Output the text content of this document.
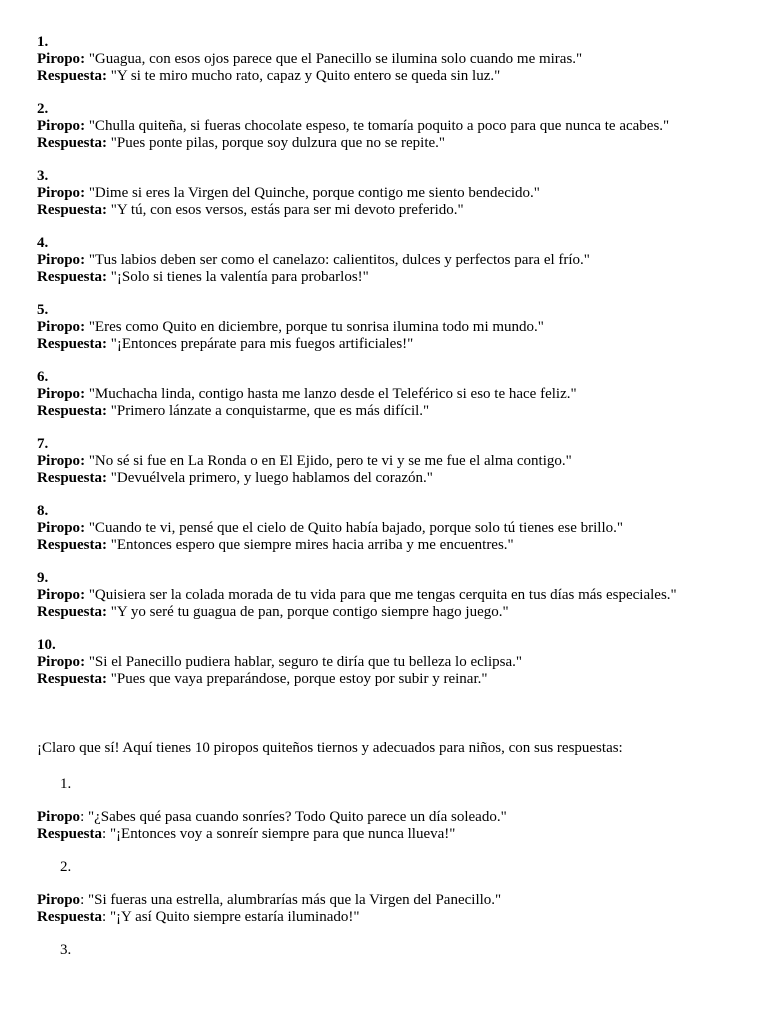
1.
Piropo: "Guagua, con esos ojos parece que el Panecillo se ilumina solo cuando me miras."
Respuesta: "Y si te miro mucho rato, capaz y Quito entero se queda sin luz."
2.
Piropo: "Chulla quiteña, si fueras chocolate espeso, te tomaría poquito a poco para que nunca te acabes."
Respuesta: "Pues ponte pilas, porque soy dulzura que no se repite."
3.
Piropo: "Dime si eres la Virgen del Quinche, porque contigo me siento bendecido."
Respuesta: "Y tú, con esos versos, estás para ser mi devoto preferido."
4.
Piropo: "Tus labios deben ser como el canelazo: calientitos, dulces y perfectos para el frío."
Respuesta: "¡Solo si tienes la valentía para probarlos!"
5.
Piropo: "Eres como Quito en diciembre, porque tu sonrisa ilumina todo mi mundo."
Respuesta: "¡Entonces prepárate para mis fuegos artificiales!"
6.
Piropo: "Muchacha linda, contigo hasta me lanzo desde el Teleférico si eso te hace feliz."
Respuesta: "Primero lánzate a conquistarme, que es más difícil."
7.
Piropo: "No sé si fue en La Ronda o en El Ejido, pero te vi y se me fue el alma contigo."
Respuesta: "Devuélvela primero, y luego hablamos del corazón."
8.
Piropo: "Cuando te vi, pensé que el cielo de Quito había bajado, porque solo tú tienes ese brillo."
Respuesta: "Entonces espero que siempre mires hacia arriba y me encuentres."
9.
Piropo: "Quisiera ser la colada morada de tu vida para que me tengas cerquita en tus días más especiales."
Respuesta: "Y yo seré tu guagua de pan, porque contigo siempre hago juego."
10.
Piropo: "Si el Panecillo pudiera hablar, seguro te diría que tu belleza lo eclipsa."
Respuesta: "Pues que vaya preparándose, porque estoy por subir y reinar."
¡Claro que sí! Aquí tienes 10 piropos quiteños tiernos y adecuados para niños, con sus respuestas:
1.
Piropo: "¿Sabes qué pasa cuando sonríes? Todo Quito parece un día soleado."
Respuesta: "¡Entonces voy a sonreír siempre para que nunca llueva!"
2.
Piropo: "Si fueras una estrella, alumbrarías más que la Virgen del Panecillo."
Respuesta: "¡Y así Quito siempre estaría iluminado!"
3.
